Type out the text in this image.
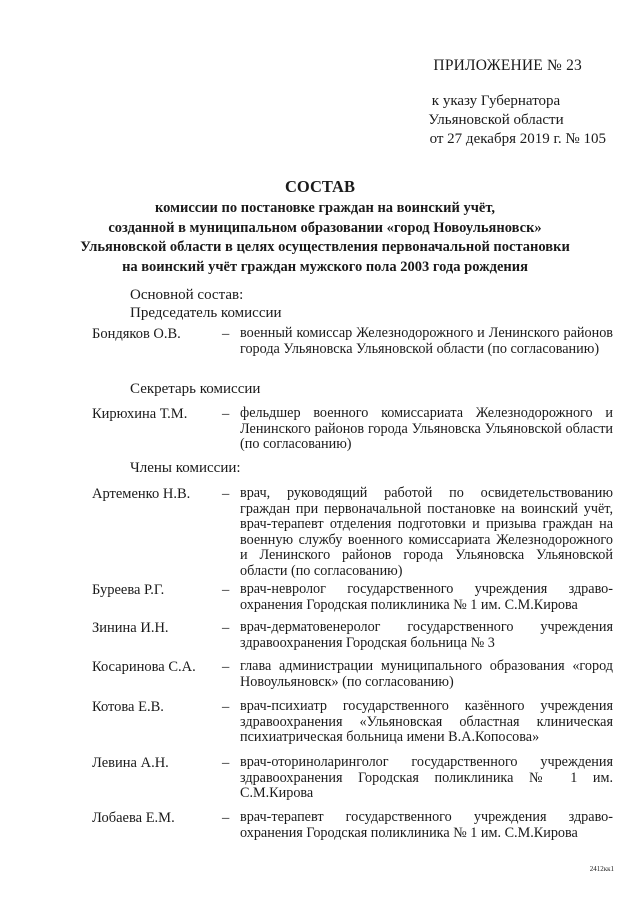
ПРИЛОЖЕНИЕ № 23
к указу Губернатора
Ульяновской области
от 27 декабря 2019 г. № 105
СОСТАВ
комиссии по постановке граждан на воинский учёт,
созданной в муниципальном образовании «город Новоульяновск»
Ульяновской области в целях осуществления первоначальной постановки
на воинский учёт граждан мужского пола 2003 года рождения
Основной состав:
Председатель комиссии
Бондяков О.В.	– военный комиссар Железнодорожного и Ленинского районов города Ульяновска Ульяновской области (по согласованию)
Секретарь комиссии
Кирюхина Т.М.	– фельдшер военного комиссариата Железнодорожного и Ленинского районов города Ульяновска Ульяновской области (по согласованию)
Члены комиссии:
Артеменко Н.В.	– врач, руководящий работой по освидетельствованию граждан при первоначальной постановке на воинский учёт, врач-терапевт отделения подготовки и призыва граждан на военную службу военного комиссариата Железнодорожного и Ленинского районов города Ульяновска Ульяновской области (по согласованию)
Буреева Р.Г.	– врач-невролог государственного учреждения здраво-охранения Городская поликлиника № 1 им. С.М.Кирова
Зинина И.Н.	– врач-дерматовенеролог государственного учреждения здравоохранения Городская больница № 3
Косаринова С.А.	– глава администрации муниципального образования «город Новоульяновск» (по согласованию)
Котова Е.В.	– врач-психиатр государственного казённого учреждения здравоохранения «Ульяновская областная клиническая психиатрическая больница имени В.А.Копосова»
Левина А.Н.	– врач-оториноларинголог государственного учреждения здравоохранения Городская поликлиника № 1 им. С.М.Кирова
Лобаева Е.М.	– врач-терапевт государственного учреждения здраво-охранения Городская поликлиника № 1 им. С.М.Кирова
2412кк1
